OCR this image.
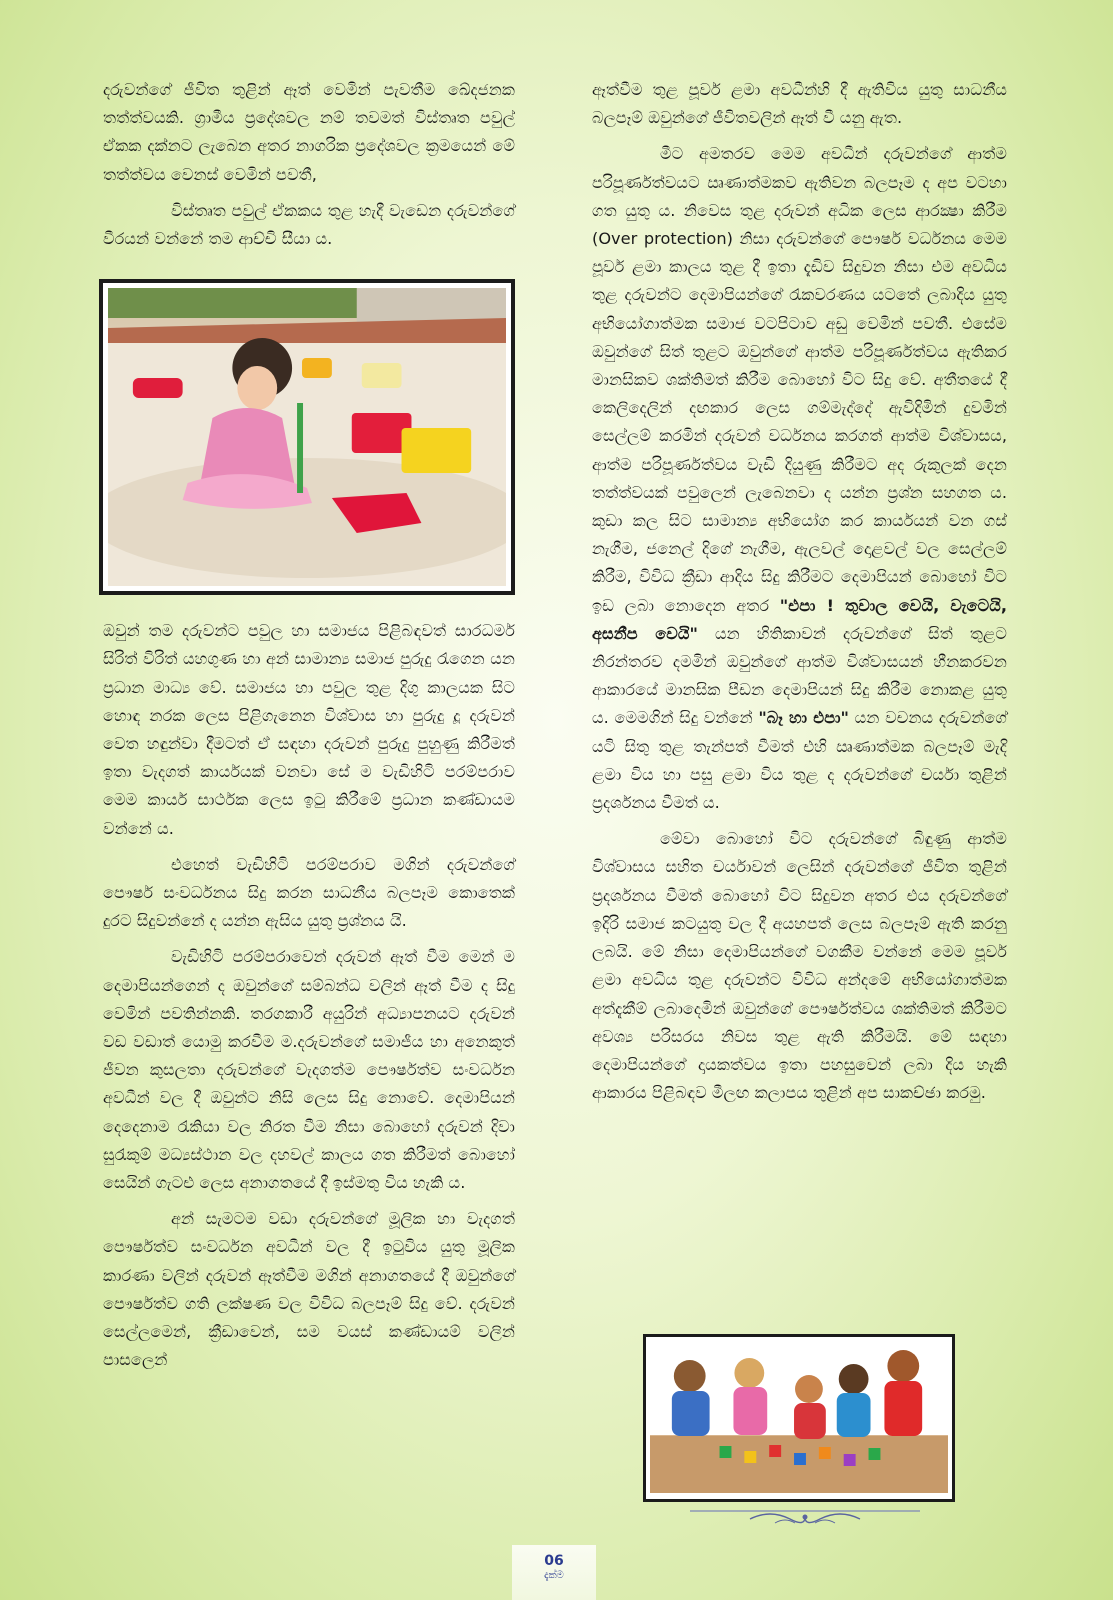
දරුවන්ගේ ජීවිත තුළින් ඈත් වෙමින් පැවතීම ඛේදජනක තත්ත්වයකි. ග්‍රාමීය ප්‍රදේශවල නම් තවමත් විස්තෘත පවුල් ඒකක දක්නට ලැබෙන අතර නාගරික ප්‍රදේශවල ක්‍රමයෙන් මේ තත්ත්වය වෙනස් වෙමින් පවතී,

විස්තෘත පවුල් ඒකකය තුළ හැදී වැඩෙන දරුවන්ගේ වීරයන් වන්නේ තම ආච්චි සීයා ය.

ඔවුන් තම දරුවන්ට පවුල හා සමාජය පිළිබඳවත් සාරධර්ම සිරිත් විරිත් යහගුණ හා අන් සාමාන්‍ය සමාජ පුරුදු රැගෙන යන ප්‍රධාන මාධ්‍ය වේ. සමාජය හා පවුල තුළ දිගු කාලයක සිට හොඳ නරක ලෙස පිළිගැනෙන විශ්වාස හා පුරුදු දූ දරුවන් වෙත හඳුන්වා දීමටත් ඒ සඳහා දරුවන් පුරුදු පුහුණු කිරීමත් ඉතා වැදගත් කාර්යයක් වනවා සේ ම වැඩිහිටි පරම්පරාව මෙම කාර්ය සාර්ථක ලෙස ඉටු කිරීමේ ප්‍රධාන කණ්ඩායම වන්නේ ය.

එහෙත් වැඩිහිටි පරම්පරාව මගින් දරුවන්ගේ පෞර්ෂ සංවර්ධනය සිදු කරන සාධනීය බලපෑම කොතෙක් දුරට සිදුවන්නේ ද යන්න ඇසිය යුතු ප්‍රශ්නය යි.

වැඩිහිටි පරම්පරාවෙන් දරුවන් ඈත් වීම මෙන් ම දෙමාපියන්ගෙන් ද ඔවුන්ගේ සම්බන්ධ වලින් ඈත් වීම ද සිදු වෙමින් පවතින්නකි. තරගකාරී අයුරින් අධ්‍යාපනයට දරුවන් වඩ වඩාත් යොමු කරවීම ම.දරුවන්ගේ සමාජීය හා අනෙකුත් ජීවන කුසලතා දරුවන්ගේ වැදගත්ම පෞර්ෂත්ව සංවර්ධන අවධීන් වල දී ඔවුන්ට නිසි ලෙස සිදු නොවේ. දෙමාපියන් දෙදෙනාම රැකියා වල නිරත වීම නිසා බොහෝ දරුවන් දිවා සුරැකුම් මධ්‍යස්ථාන වල දහවල් කාලය ගත කිරීමත් බොහෝ සෙයින් ගැටළු ලෙස අනාගතයේ දී ඉස්මතු විය හැකි ය.

අන් සැමටම වඩා දරුවන්ගේ මූලික හා වැදගත් පෞර්ෂත්ව සංවර්ධන අවධීන් වල දී ඉටුවිය යුතු මූලික කාරණා වලින් දරුවන් ඈත්වීම මගින් අනාගතයේ දී ඔවුන්ගේ පෞර්ෂත්ව ගති ලක්ෂණ වල විවිධ බලපෑම් සිදු වේ. දරුවන් සෙල්ලමෙන්, ක්‍රීඩාවෙන්, සම වයස් කණ්ඩායම් වලින් පාසලෙන්

ඈත්වීම තුළ පූර්ව ළමා අවධීන්හි දී ඇතිවිය යුතු සාධනීය බලපෑම් ඔවුන්ගේ ජීවිතවලින් ඈත් වී යනු ඇත.

මීට අමතරව මෙම අවධීන් දරුවන්ගේ ආත්ම පරිපූර්ණත්වයට ඍණාත්මකව ඇතිවන බලපෑම ද අප වටහා ගත යුතු ය. නිවෙස තුළ දරුවන් අධික ලෙස ආරක්‍ෂා කිරීම (Over protection) නිසා දරුවන්ගේ පෞර්ෂ වර්ධනය මෙම පූර්ව ළමා කාලය තුළ දී ඉතා දැඩිව සිදුවන නිසා එම අවධිය තුළ දරුවන්ට දෙමාපියන්ගේ රැකවරණය යටතේ ලබාදිය යුතු අභියෝගාත්මක සමාජ වටපිටාව අඩු වෙමින් පවතී. එසේම ඔවුන්ගේ සිත් තුළට ඔවුන්ගේ ආත්ම පරිපූර්ණත්වය ඇතිකර මානසිකව ශක්තිමත් කිරීම බොහෝ විට සිදු වේ. අතීතයේ දී කෙලිදෙලින් දඟකාර ලෙස ගම්මැද්දේ ඇවිදිමින් දුවමින් සෙල්ලම් කරමින් දරුවන් වර්ධනය කරගත් ආත්ම විශ්වාසය, ආත්ම පරිපූර්ණත්වය වැඩි දියුණු කිරීමට අද රුකුලක් දෙන තත්ත්වයක් පවුලෙන් ලැබෙනවා ද යන්න ප්‍රශ්න සහගත ය. කුඩා කල සිට සාමාන්‍ය අභියෝග කර කාර්යයන් වන ගස් නැගීම, ජනෙල් දිගේ නැගීම, ඇලවල් දොළවල් වල සෙල්ලම් කිරීම, විවිධ ක්‍රීඩා ආදිය සිදු කිරීමට දෙමාපියන් බොහෝ විට ඉඩ ලබා නොදෙන අතර "එපා ! තුවාල වෙයි, වැටෙයි, අසනීප වෙයි" යන හිතිකාවන් දරුවන්ගේ සිත් තුළට නිරන්තරව දමමින් ඔවුන්ගේ ආත්ම විශ්වාසයන් හීනකරවන ආකාරයේ මානසික පීඩන දෙමාපියන් සිදු කිරීම නොකළ යුතු ය. මෙමගින් සිදු වන්නේ "බෑ හා එපා" යන වචනය දරුවන්ගේ යටි සිතු තුළ තැන්පත් වීමත් එහි ඍණාත්මක බලපෑම් මැදි ළමා විය හා පසු ළමා විය තුළ ද දරුවන්ගේ චර්යා තුළින් ප්‍රදර්ශනය වීමත් ය.

මේවා බොහෝ විට දරුවන්ගේ බිඳුණු ආත්ම විශ්වාසය සහිත චර්යාවන් ලෙසින් දරුවන්ගේ ජීවිත තුළින් ප්‍රදර්ශනය වීමත් බොහෝ විට සිදුවන අතර එය දරුවන්ගේ ඉදිරි සමාජ කටයුතු වල දී අයහපත් ලෙස බලපෑම් ඇති කරනු ලබයි. මේ නිසා දෙමාපියන්ගේ වගකීම වන්නේ මෙම පූර්ව ළමා අවධිය තුළ දරුවන්ට විවිධ අන්දමේ අභියෝගාත්මක අත්දැකීම් ලබාදෙමින් ඔවුන්ගේ පෞර්ෂත්වය ශක්තිමත් කිරීමට අවශ්‍ය පරිසරය නිවස තුළ ඇති කිරීමයි. මේ සඳහා දෙමාපියන්ගේ දායකත්වය ඉතා පහසුවෙන් ලබා දිය හැකි ආකාරය පිළිබඳව මීලඟ කලාපය තුළින් අප සාකච්ඡා කරමු.

06
දැක්ම
